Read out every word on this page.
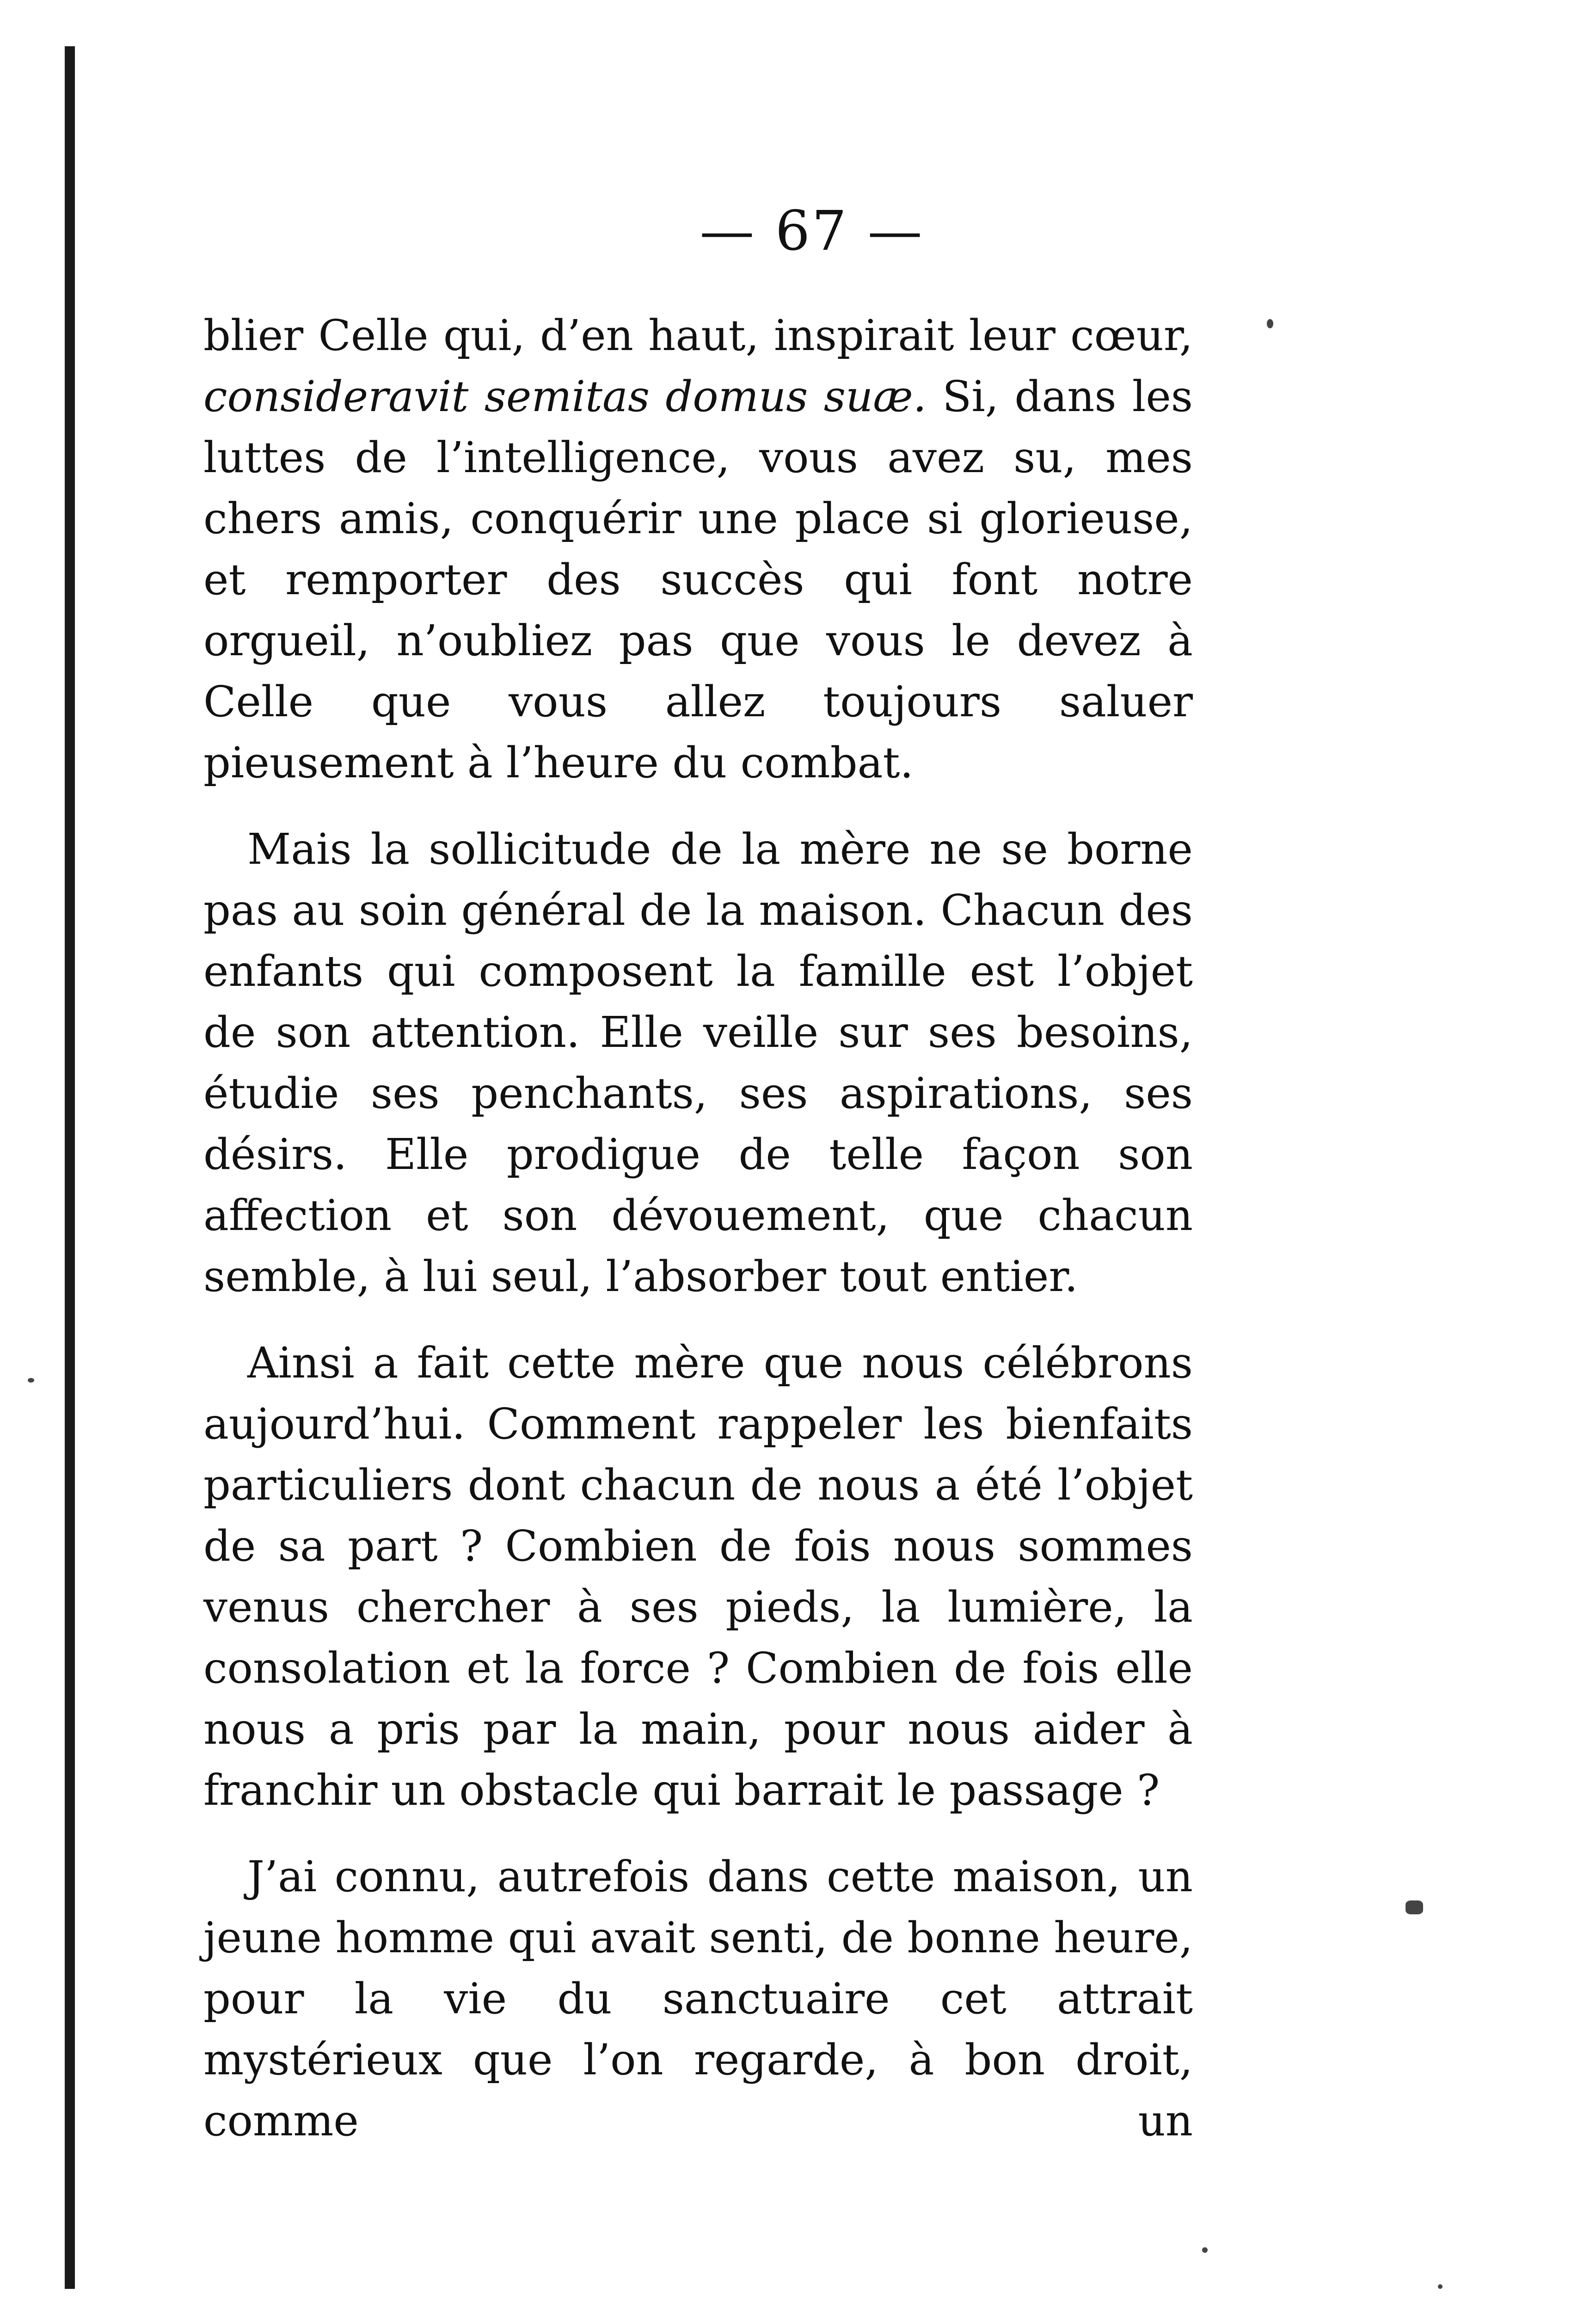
— 67 —

blier Celle qui, d’en haut, inspirait leur cœur, consideravit semitas domus suæ. Si, dans les luttes de l’intelligence, vous avez su, mes chers amis, conquérir une place si glorieuse, et remporter des succès qui font notre orgueil, n’oubliez pas que vous le devez à Celle que vous allez toujours saluer pieusement à l’heure du combat.

Mais la sollicitude de la mère ne se borne pas au soin général de la maison. Chacun des enfants qui composent la famille est l’objet de son attention. Elle veille sur ses besoins, étudie ses penchants, ses aspirations, ses désirs. Elle prodigue de telle façon son affection et son dévouement, que chacun semble, à lui seul, l’absorber tout entier.

Ainsi a fait cette mère que nous célébrons aujourd’hui. Comment rappeler les bienfaits particuliers dont chacun de nous a été l’objet de sa part ? Combien de fois nous sommes venus chercher à ses pieds, la lumière, la consolation et la force ? Combien de fois elle nous a pris par la main, pour nous aider à franchir un obstacle qui barrait le passage ?

J’ai connu, autrefois dans cette maison, un jeune homme qui avait senti, de bonne heure, pour la vie du sanctuaire cet attrait mystérieux que l’on regarde, à bon droit, comme un
